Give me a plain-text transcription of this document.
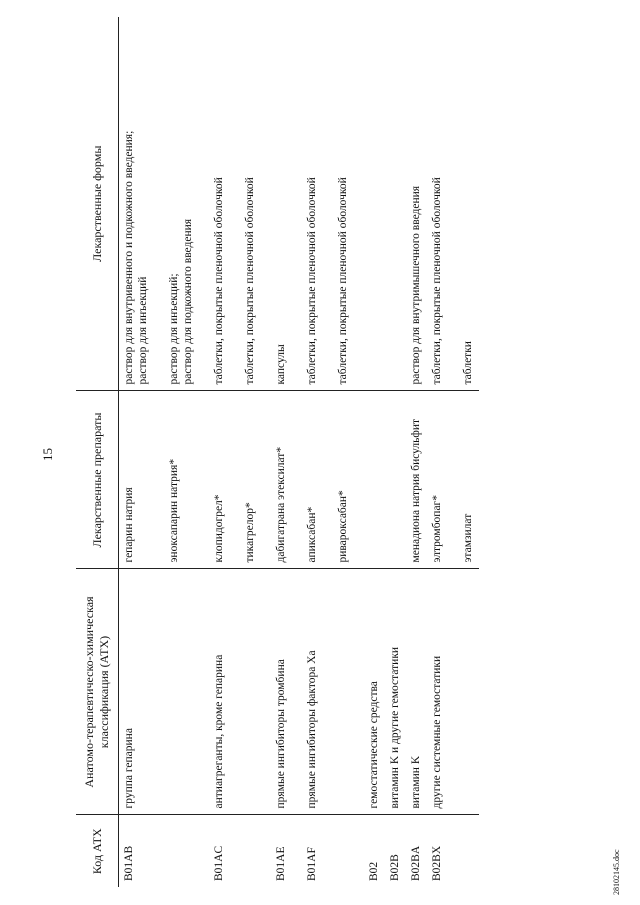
15
Код АТХ	Анатомо-терапевтическо-химическая классификация (АТХ)	Лекарственные препараты	Лекарственные формы
B01AB	группа гепарина	гепарин натрия	раствор для внутривенного и подкожного введения; раствор для инъекций

		эноксапарин натрия*	раствор для инъекций; раствор для подкожного введения

B01AC	антиагреганты, кроме гепарина	клопидогрел*	таблетки, покрытые пленочной оболочкой

		тикагрелор*	таблетки, покрытые пленочной оболочкой

B01AE	прямые ингибиторы тромбина	дабигатрана этексилат*	капсулы

B01AF	прямые ингибиторы фактора Xa	апиксабан*	таблетки, покрытые пленочной оболочкой

		ривароксабан*	таблетки, покрытые пленочной оболочкой

B02	гемостатические средства		
B02B	витамин K и другие гемостатики		
B02BA	витамин K	менадиона натрия бисульфит	раствор для внутримышечного введения

B02BX	другие системные гемостатики	элтромбопаг*	таблетки, покрытые пленочной оболочкой

		этамзилат	таблетки
28102145.doc
